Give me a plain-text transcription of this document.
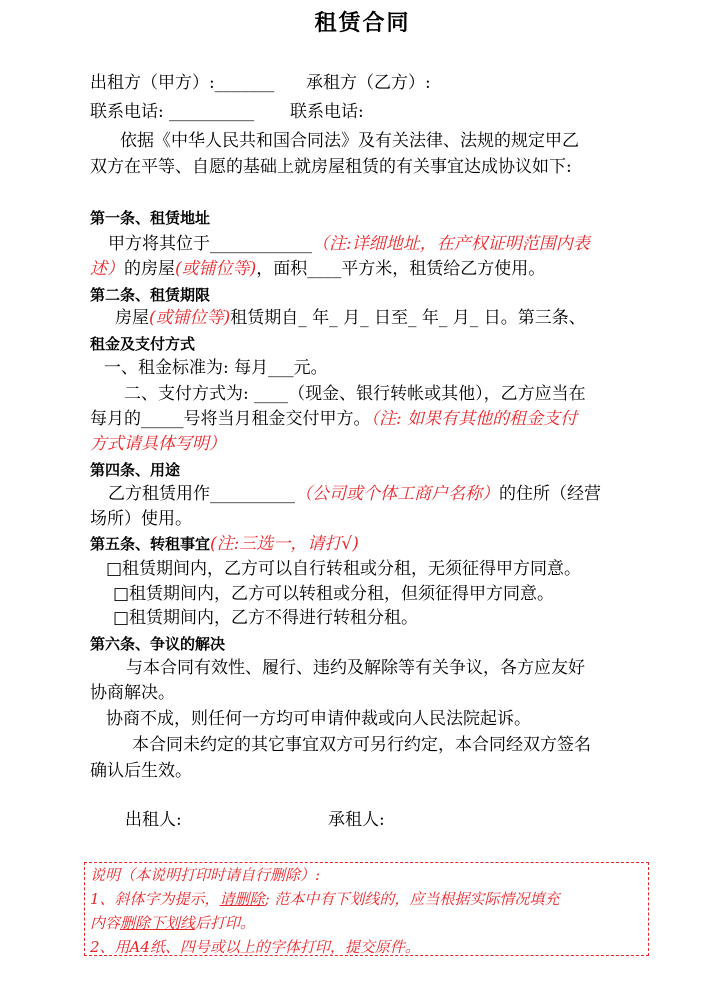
租赁合同
出租方（甲方）:_______ 承租方（乙方）:
联系电话: __________ 联系电话:
依据《中华人民共和国合同法》及有关法律、法规的规定甲乙
双方在平等、自愿的基础上就房屋租赁的有关事宜达成协议如下:
第一条、租赁地址
甲方将其位于____________（注:详细地址，在产权证明范围内表
述）的房屋(或铺位等)，面积____平方米，租赁给乙方使用。
第二条、租赁期限
房屋(或铺位等)租赁期自_ 年_ 月_ 日至_ 年_ 月_ 日。第三条、
租金及支付方式
一、租金标准为: 每月___元。
二、支付方式为: ____（现金、银行转帐或其他），乙方应当在
每月的_____号将当月租金交付甲方。（注: 如果有其他的租金支付
方式请具体写明）
第四条、用途
乙方租赁用作__________（公司或个体工商户名称）的住所（经营
场所）使用。
第五条、转租事宜(注:三选一，请打√)
□租赁期间内，乙方可以自行转租或分租，无须征得甲方同意。
□租赁期间内，乙方可以转租或分租，但须征得甲方同意。
□租赁期间内，乙方不得进行转租分租。
第六条、争议的解决
与本合同有效性、履行、违约及解除等有关争议，各方应友好
协商解决。
协商不成，则任何一方均可申请仲裁或向人民法院起诉。
本合同未约定的其它事宜双方可另行约定，本合同经双方签名
确认后生效。
出租人:	承租人:
说明（本说明打印时请自行删除）:
1、斜体字为提示，请删除; 范本中有下划线的，应当根据实际情况填充
内容删除下划线后打印。
2、用A4纸、四号或以上的字体打印，提交原件。
